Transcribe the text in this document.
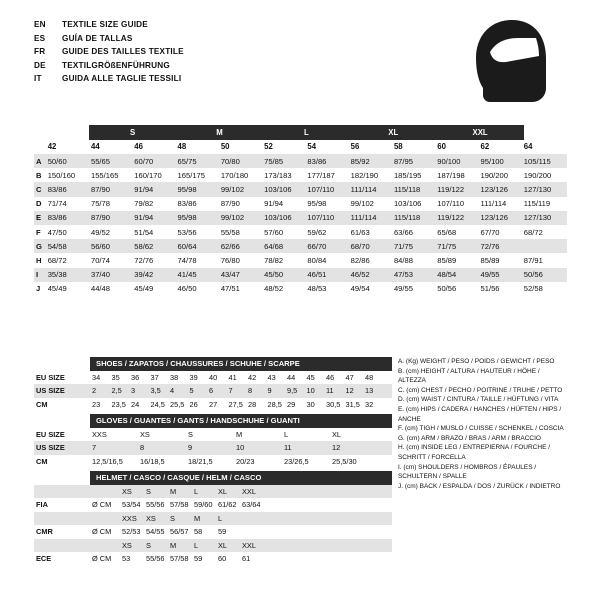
EN	TEXTILE SIZE GUIDE
ES	GUÍA DE TALLAS
FR	GUIDE DES TAILLES TEXTILE
DE	TEXTILGRÖßENFÜHRUNG
IT	GUIDA ALLE TAGLIE TESSILI
S	M	L	XL	XXL
42	44	46	48	50	52	54	56	58	60	62	64
A 50/60	55/65	60/70	65/75	70/80	75/85	83/86	85/92	87/95	90/100	95/100	105/115
B 150/160	155/165	160/170	165/175	170/180	173/183	177/187	182/190	185/195	187/198	190/200	190/200
C 83/86	87/90	91/94	95/98	99/102	103/106	107/110	111/114	115/118	119/122	123/126	127/130
D 71/74	75/78	79/82	83/86	87/90	91/94	95/98	99/102	103/106	107/110	111/114	115/119
E 83/86	87/90	91/94	95/98	99/102	103/106	107/110	111/114	115/118	119/122	123/126	127/130
F 47/50	49/52	51/54	53/56	55/58	57/60	59/62	61/63	63/66	65/68	67/70	68/72
G 54/58	56/60	58/62	60/64	62/66	64/68	66/70	68/70	71/75	71/75	72/76
H 68/72	70/74	72/76	74/78	76/80	78/82	80/84	82/86	84/88	85/89	85/89	87/91
I	35/38	37/40	39/42	41/45	43/47	45/50	46/51	46/52	47/53	48/54	49/55	50/56
J 45/49	44/48	45/49	46/50	47/51	48/52	48/53	49/54	49/55	50/56	51/56	52/58
SHOES / ZAPATOS / CHAUSSURES / SCHUHE / SCARPE
EU SIZE	34	35	36	37	38	39	40	41	42	43	44	45	46	47	48
US SIZE	2	2,5	3	3,5	4	5	6	7	8	9	9,5	10	11	12	13
CM	23	23,5 24	24,5 25,5 26	27	27,5 28	28,5 29	30	30,5 31,5 32
GLOVES / GUANTES / GANTS / HANDSCHUHE / GUANTI
EU SIZE	XXS	XS	S	M	L	XL
US SIZE	7	8	9	10	11	12
CM	12,5/16,5	16/18,5	18/21,5	20/23	23/26,5	25,5/30
HELMET / CASCO / CASQUE / HELM / CASCO
XS	S	M	L	XL	XXL
FIA	Ø CM	53/54 55/56 57/58 59/60 61/62 63/64
XXS	XS	S	M	L
CMR	Ø CM	52/53 54/55 56/57 58	59
XS	S	M	L	XL	XXL
ECE	Ø CM	53	55/56 57/58 59	60	61
A. (Kg) WEIGHT / PESO / POIDS / GEWICHT / PESO
B. (cm) HEIGHT / ALTURA / HAUTEUR / HÖHE / ALTEZZA
C. (cm) CHEST / PECHO / POITRINE / TRUHE / PETTO
D. (cm) WAIST / CINTURA / TAILLE / HÜFTUNG / VITA
E. (cm) HIPS / CADERA / HANCHES / HÜFTEN / HIPS / ANCHE
F. (cm) TIGH / MUSLO / CUISSE / SCHENKEL / COSCIA
G. (cm) ARM / BRAZO / BRAS / ARM / BRACCIO
H. (cm) INSIDE LEG / ENTREPIERNA / FOURCHE / SCHRITT / FORCELLA
I. (cm) SHOULDERS / HOMBROS / ÉPAULES / SCHULTERN / SPALLE
J. (cm) BACK / ESPALDA / DOS / ZURÜCK / INDIETRO
